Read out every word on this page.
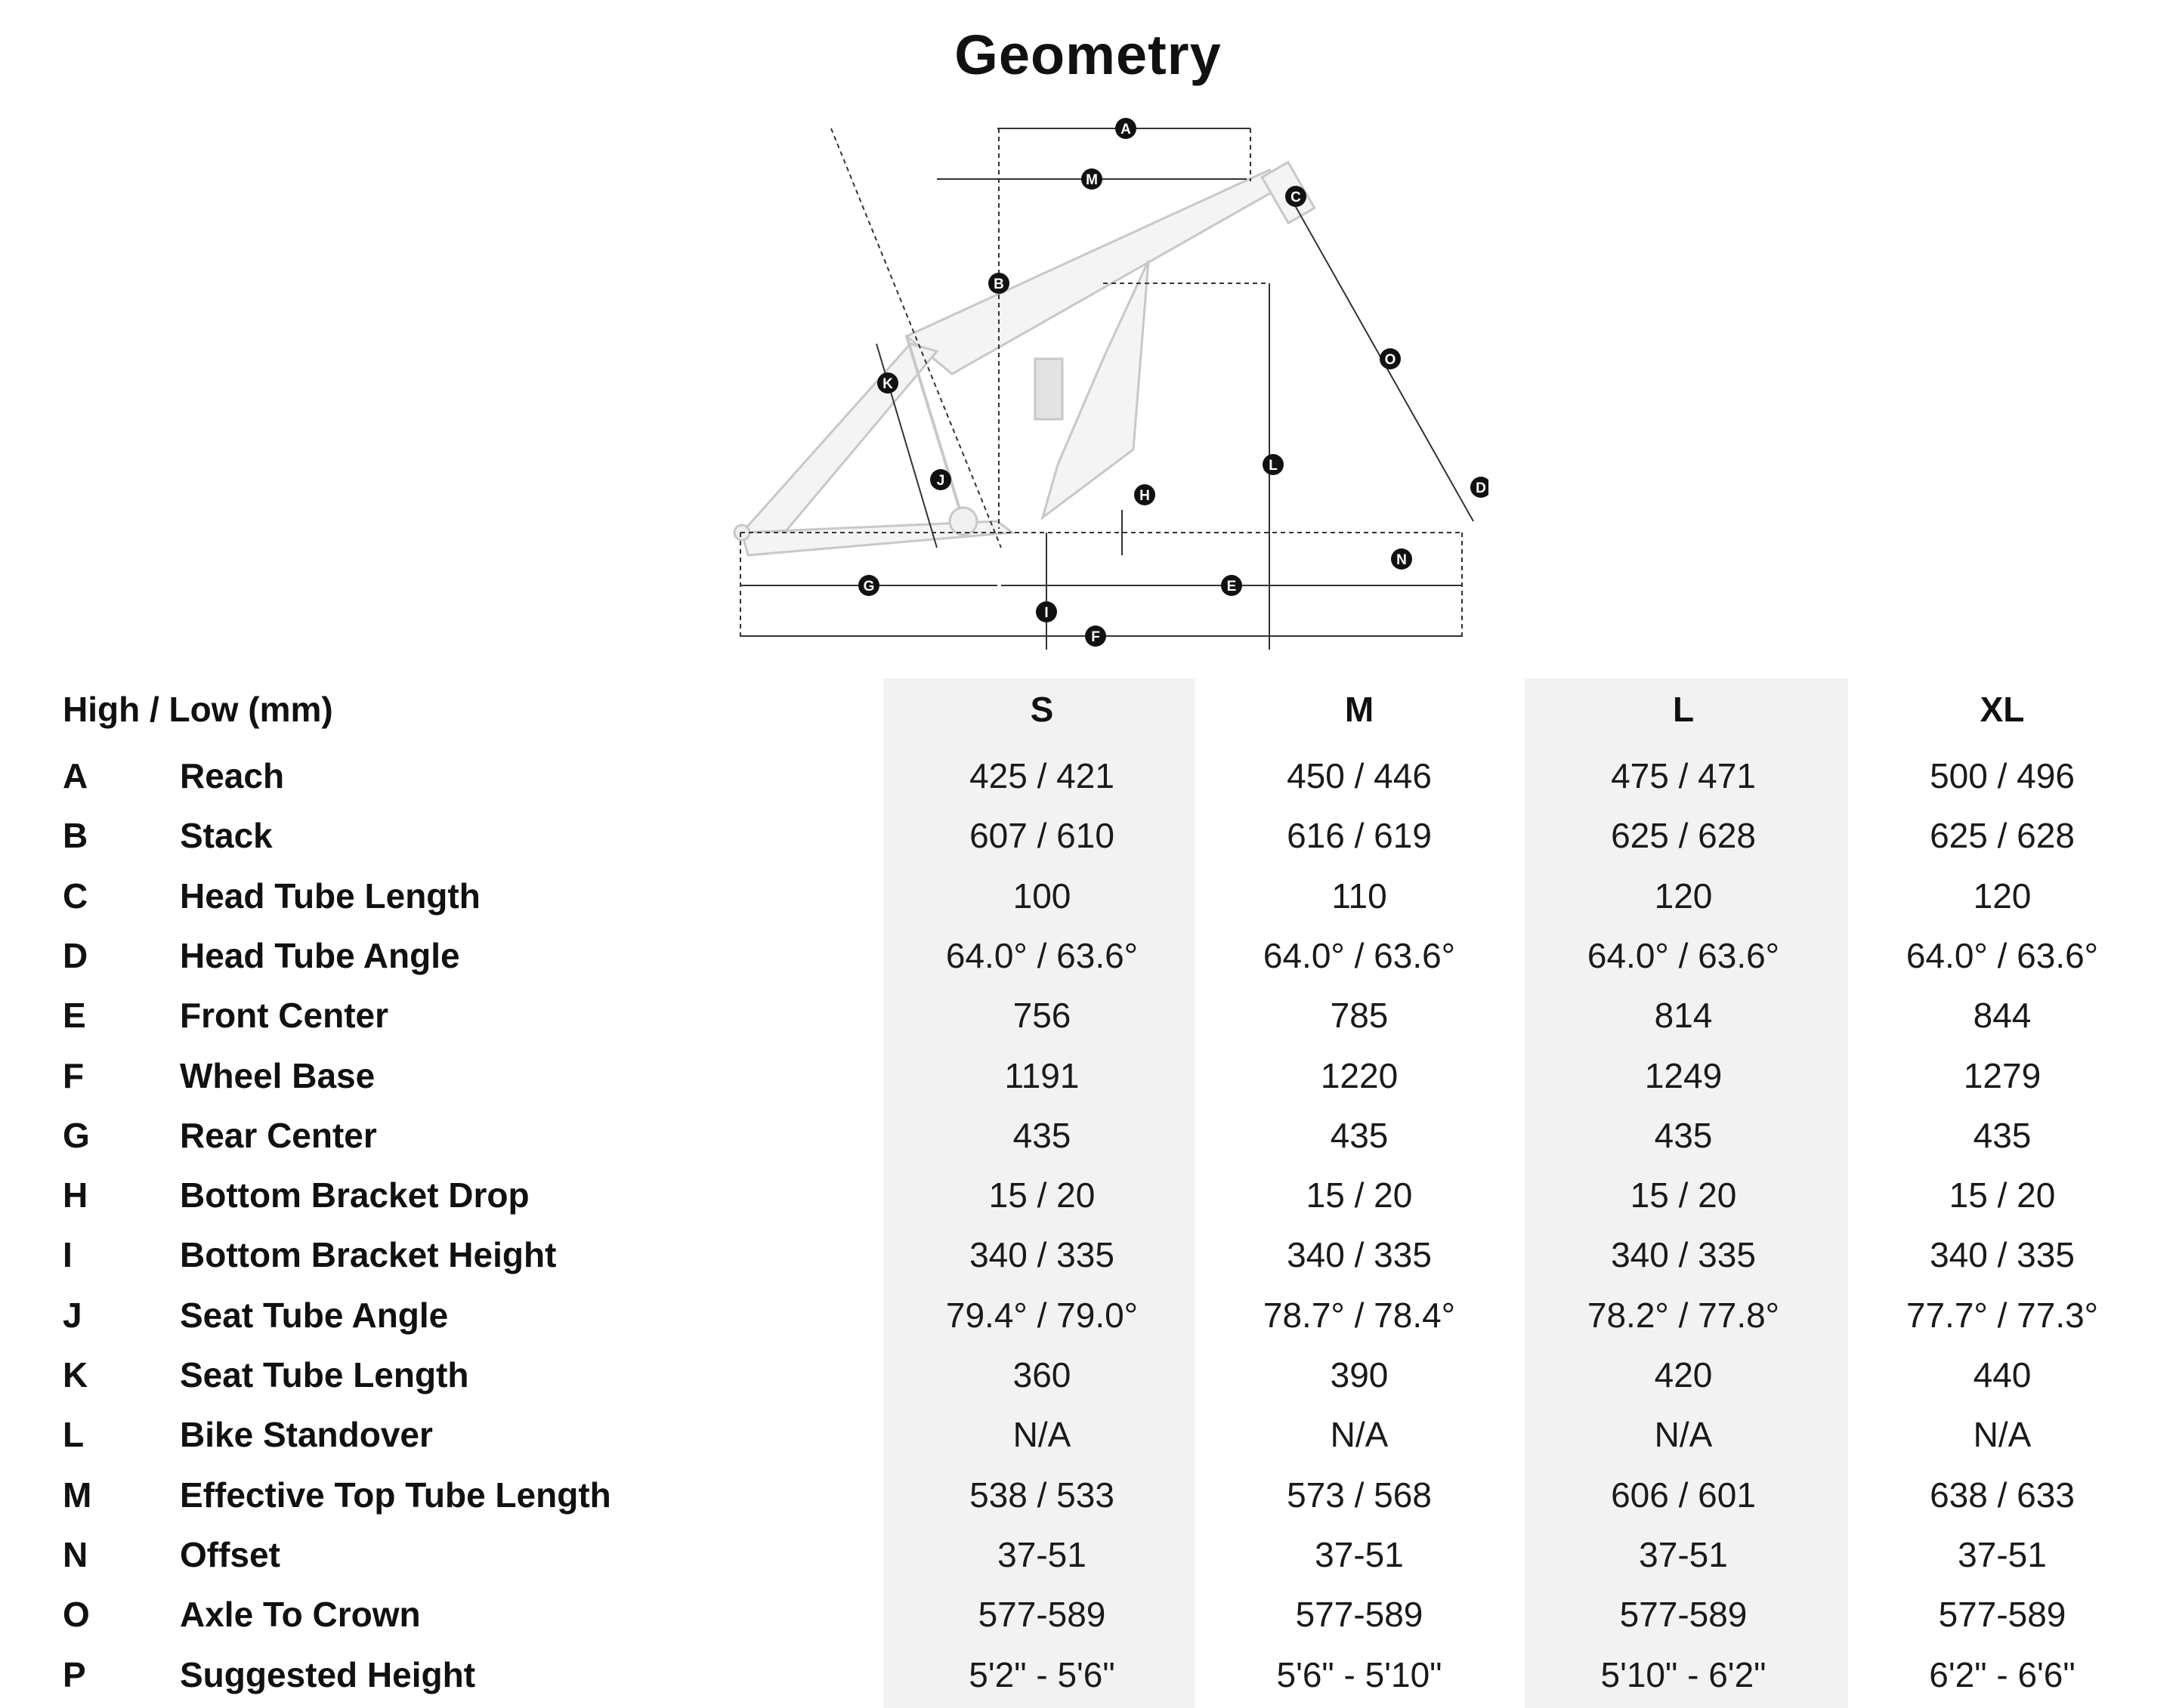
Geometry
A
B
C
D
E
F
G
H
I
J
K
L
M
N
O
High / Low (mm)	S	M	L	XL
A	Reach	425 / 421	450 / 446	475 / 471	500 / 496
B	Stack	607 / 610	616 / 619	625 / 628	625 / 628
C	Head Tube Length	100	110	120	120
D	Head Tube Angle	64.0° / 63.6°	64.0° / 63.6°	64.0° / 63.6°	64.0° / 63.6°
E	Front Center	756	785	814	844
F	Wheel Base	1191	1220	1249	1279
G	Rear Center	435	435	435	435
H	Bottom Bracket Drop	15 / 20	15 / 20	15 / 20	15 / 20
I	Bottom Bracket Height	340 / 335	340 / 335	340 / 335	340 / 335
J	Seat Tube Angle	79.4° / 79.0°	78.7° / 78.4°	78.2° / 77.8°	77.7° / 77.3°
K	Seat Tube Length	360	390	420	440
L	Bike Standover	N/A	N/A	N/A	N/A
M	Effective Top Tube Length	538 / 533	573 / 568	606 / 601	638 / 633
N	Offset	37-51	37-51	37-51	37-51
O	Axle To Crown	577-589	577-589	577-589	577-589
P	Suggested Height	5'2" - 5'6"	5'6" - 5'10"	5'10" - 6'2"	6'2" - 6'6"
